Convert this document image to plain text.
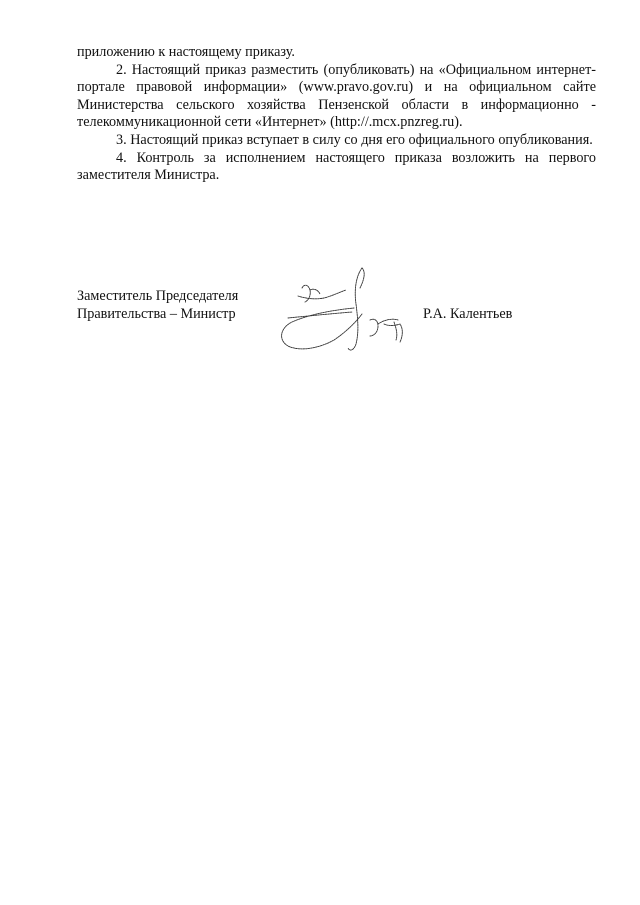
приложению к настоящему приказу.

2. Настоящий приказ разместить (опубликовать) на «Официальном интернет-портале правовой информации» (www.pravo.gov.ru) и на официальном сайте Министерства сельского хозяйства Пензенской области в информационно - телекоммуникационной сети «Интернет» (http://.mcx.pnzreg.ru).

3. Настоящий приказ вступает в силу со дня его официального опубликования.

4. Контроль за исполнением настоящего приказа возложить на первого заместителя Министра.

Заместитель Председателя
Правительства – Министр	Р.А. Калентьев
